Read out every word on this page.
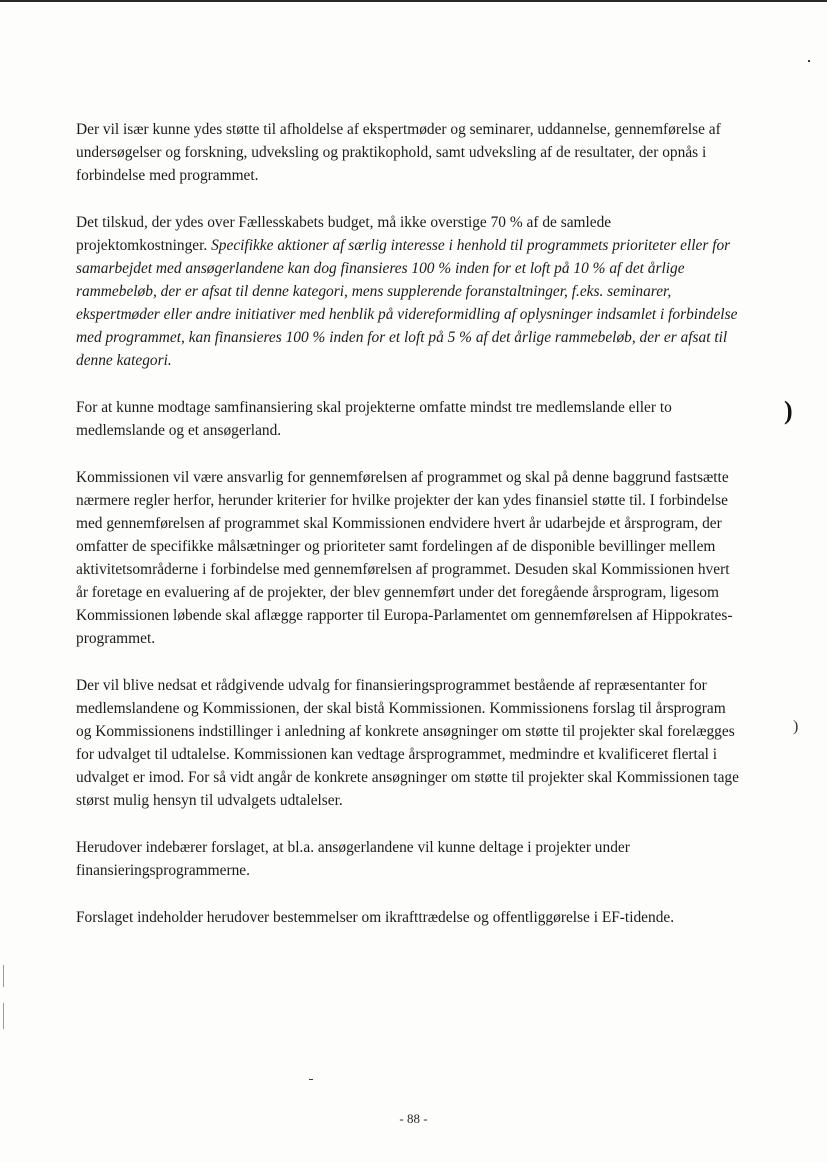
Der vil især kunne ydes støtte til afholdelse af ekspertmøder og seminarer, uddannelse, gennemførelse af undersøgelser og forskning, udveksling og praktikophold, samt udveksling af de resultater, der opnås i forbindelse med programmet.

Det tilskud, der ydes over Fællesskabets budget, må ikke overstige 70 % af de samlede projektomkostninger. Specifikke aktioner af særlig interesse i henhold til programmets prioriteter eller for samarbejdet med ansøgerlandene kan dog finansieres 100 % inden for et loft på 10 % af det årlige rammebeløb, der er afsat til denne kategori, mens supplerende foranstaltninger, f.eks. seminarer, ekspertmøder eller andre initiativer med henblik på videreformidling af oplysninger indsamlet i forbindelse med programmet, kan finansieres 100 % inden for et loft på 5 % af det årlige rammebeløb, der er afsat til denne kategori.

For at kunne modtage samfinansiering skal projekterne omfatte mindst tre medlemslande eller to medlemslande og et ansøgerland.

Kommissionen vil være ansvarlig for gennemførelsen af programmet og skal på denne baggrund fastsætte nærmere regler herfor, herunder kriterier for hvilke projekter der kan ydes finansiel støtte til. I forbindelse med gennemførelsen af programmet skal Kommissionen endvidere hvert år udarbejde et årsprogram, der omfatter de specifikke målsætninger og prioriteter samt fordelingen af de disponible bevillinger mellem aktivitetsområderne i forbindelse med gennemførelsen af programmet. Desuden skal Kommissionen hvert år foretage en evaluering af de projekter, der blev gennemført under det foregående årsprogram, ligesom Kommissionen løbende skal aflægge rapporter til Europa-Parlamentet om gennemførelsen af Hippokrates-programmet.

Der vil blive nedsat et rådgivende udvalg for finansieringsprogrammet bestående af repræsentanter for medlemslandene og Kommissionen, der skal bistå Kommissionen. Kommissionens forslag til årsprogram og Kommissionens indstillinger i anledning af konkrete ansøgninger om støtte til projekter skal forelægges for udvalget til udtalelse. Kommissionen kan vedtage årsprogrammet, medmindre et kvalificeret flertal i udvalget er imod. For så vidt angår de konkrete ansøgninger om støtte til projekter skal Kommissionen tage størst mulig hensyn til udvalgets udtalelser.

Herudover indebærer forslaget, at bl.a. ansøgerlandene vil kunne deltage i projekter under finansieringsprogrammerne.

Forslaget indeholder herudover bestemmelser om ikrafttrædelse og offentliggørelse i EF-tidende.

- 88 -
)
)
